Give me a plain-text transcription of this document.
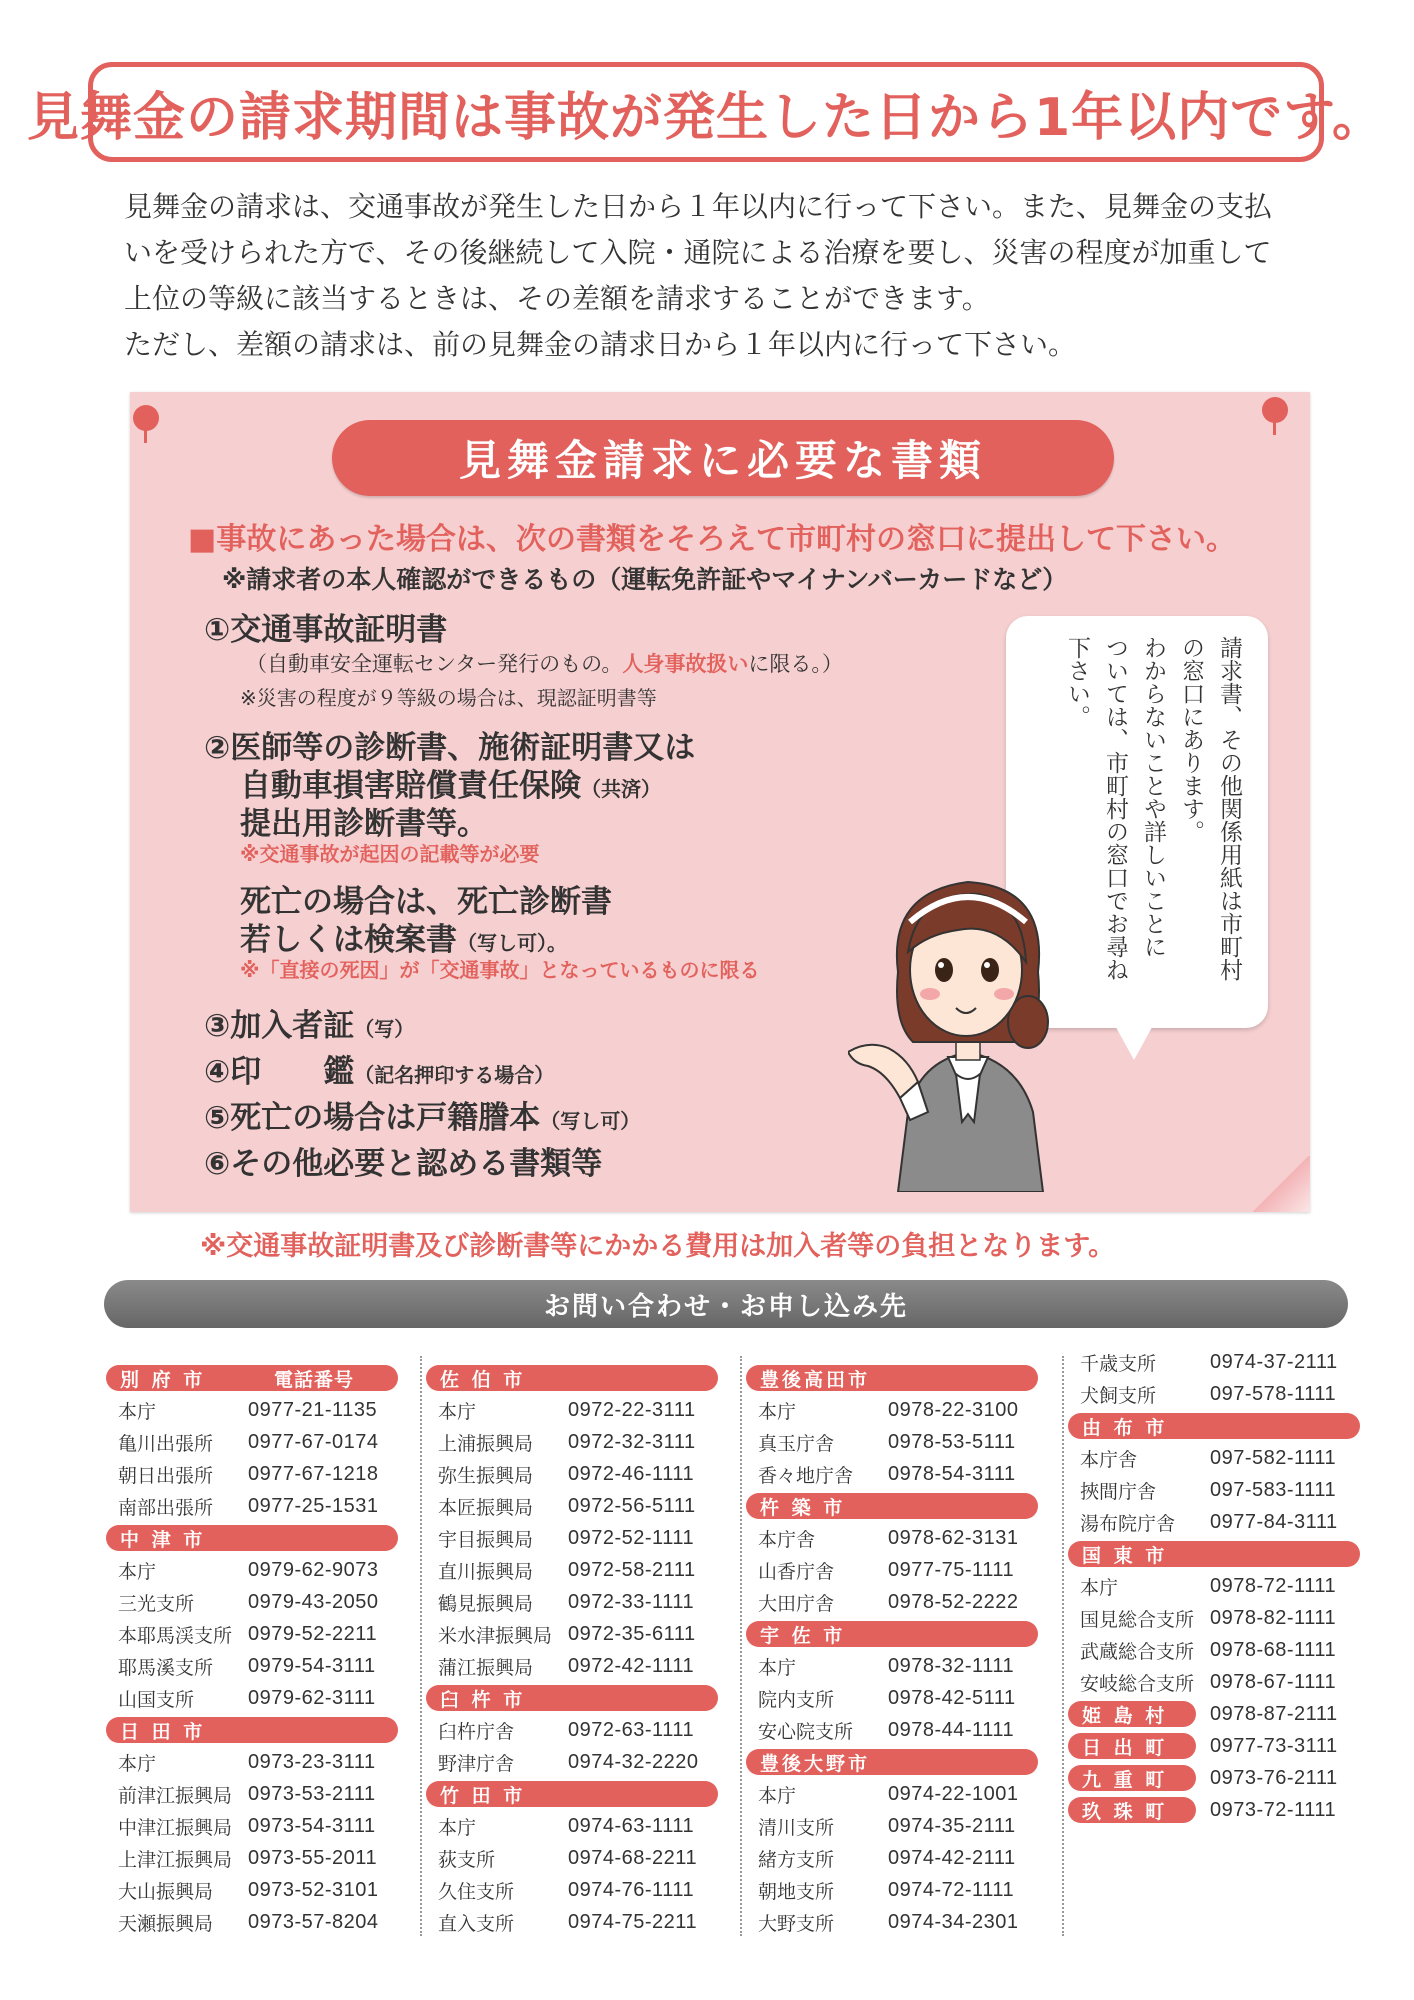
見舞金の請求期間は事故が発生した日から1年以内です。

見舞金の請求は、交通事故が発生した日から１年以内に行って下さい。また、見舞金の支払

いを受けられた方で、その後継続して入院・通院による治療を要し、災害の程度が加重して

上位の等級に該当するときは、その差額を請求することができます。

ただし、差額の請求は、前の見舞金の請求日から１年以内に行って下さい。

見舞金請求に必要な書類
■事故にあった場合は、次の書類をそろえて市町村の窓口に提出して下さい。
※請求者の本人確認ができるもの（運転免許証やマイナンバーカードなど）
①交通事故証明書
（自動車安全運転センター発行のもの。人身事故扱いに限る。）
※災害の程度が９等級の場合は、現認証明書等
②医師等の診断書、施術証明書又は
自動車損害賠償責任保険（共済）
提出用診断書等。
※交通事故が起因の記載等が必要
死亡の場合は、死亡診断書
若しくは検案書（写し可）。
※「直接の死因」が「交通事故」となっているものに限る
③加入者証（写）
④印　　鑑（記名押印する場合）
⑤死亡の場合は戸籍謄本（写し可）
⑥その他必要と認める書類等
請求書、その他関係用紙は市町村
の窓口にあります。
わからないことや詳しいことに
ついては、市町村の窓口でお尋ね
下さい。
※交通事故証明書及び診断書等にかかる費用は加入者等の負担となります。
お問い合わせ・お申し込み先
別 府 市	電話番号
本庁	0977-21-1135
亀川出張所 0977-67-0174
朝日出張所 0977-67-1218
南部出張所 0977-25-1531
中 津 市
本庁	0979-62-9073
三光支所	0979-43-2050
本耶馬渓支所 0979-52-2211
耶馬溪支所 0979-54-3111
山国支所	0979-62-3111
日 田 市
本庁	0973-23-3111
前津江振興局 0973-53-2111
中津江振興局 0973-54-3111
上津江振興局 0973-55-2011
大山振興局 0973-52-3101
天瀬振興局 0973-57-8204
佐 伯 市
本庁	0972-22-3111
上浦振興局 0972-32-3111
弥生振興局 0972-46-1111
本匠振興局 0972-56-5111
宇目振興局 0972-52-1111
直川振興局 0972-58-2111
鶴見振興局 0972-33-1111
米水津振興局 0972-35-6111
蒲江振興局 0972-42-1111
臼 杵 市
臼杵庁舎	0972-63-1111
野津庁舎	0974-32-2220
竹 田 市
本庁	0974-63-1111
荻支所	0974-68-2211
久住支所	0974-76-1111
直入支所	0974-75-2211
豊後高田市
本庁	0978-22-3100
真玉庁舎	0978-53-5111
香々地庁舎 0978-54-3111
杵 築 市
本庁舎	0978-62-3131
山香庁舎	0977-75-1111
大田庁舎	0978-52-2222
宇 佐 市
本庁	0978-32-1111
院内支所	0978-42-5111
安心院支所 0978-44-1111
豊後大野市
本庁	0974-22-1001
清川支所	0974-35-2111
緒方支所	0974-42-2111
朝地支所	0974-72-1111
大野支所	0974-34-2301
千歳支所	0974-37-2111
犬飼支所	097-578-1111
由 布 市
本庁舎	097-582-1111
挾間庁舎	097-583-1111
湯布院庁舎 0977-84-3111
国 東 市
本庁	0978-72-1111
国見総合支所 0978-82-1111
武蔵総合支所 0978-68-1111
安岐総合支所 0978-67-1111
姫 島 村	0978-87-2111
日 出 町	0977-73-3111
九 重 町	0973-76-2111
玖 珠 町	0973-72-1111
